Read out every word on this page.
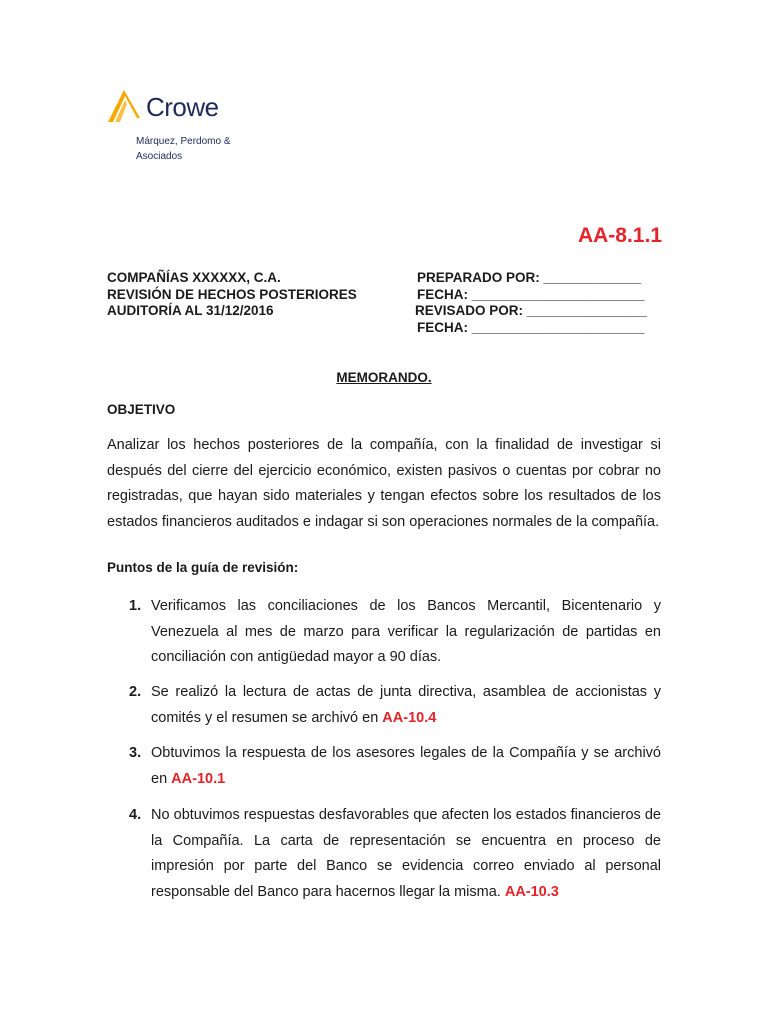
Crowe
Márquez, Perdomo & Asociados
AA-8.1.1
COMPAÑÍAS XXXXXX, C.A.
REVISIÓN DE HECHOS POSTERIORES
AUDITORÍA AL 31/12/2016
PREPARADO POR: _____________
FECHA: _______________________
REVISADO POR: ________________
FECHA: _______________________
MEMORANDO.
OBJETIVO
Analizar los hechos posteriores de la compañía, con la finalidad de investigar si después del cierre del ejercicio económico, existen pasivos o cuentas por cobrar no registradas, que hayan sido materiales y tengan efectos sobre los resultados de los estados financieros auditados e indagar si son operaciones normales de la compañía.
Puntos de la guía de revisión:
1. Verificamos las conciliaciones de los Bancos Mercantil, Bicentenario y Venezuela al mes de marzo para verificar la regularización de partidas en conciliación con antigüedad mayor a 90 días.
2. Se realizó la lectura de actas de junta directiva, asamblea de accionistas y comités y el resumen se archivó en AA-10.4
3. Obtuvimos la respuesta de los asesores legales de la Compañía y se archivó en AA-10.1
4. No obtuvimos respuestas desfavorables que afecten los estados financieros de la Compañía. La carta de representación se encuentra en proceso de impresión por parte del Banco se evidencia correo enviado al personal responsable del Banco para hacernos llegar la misma. AA-10.3
